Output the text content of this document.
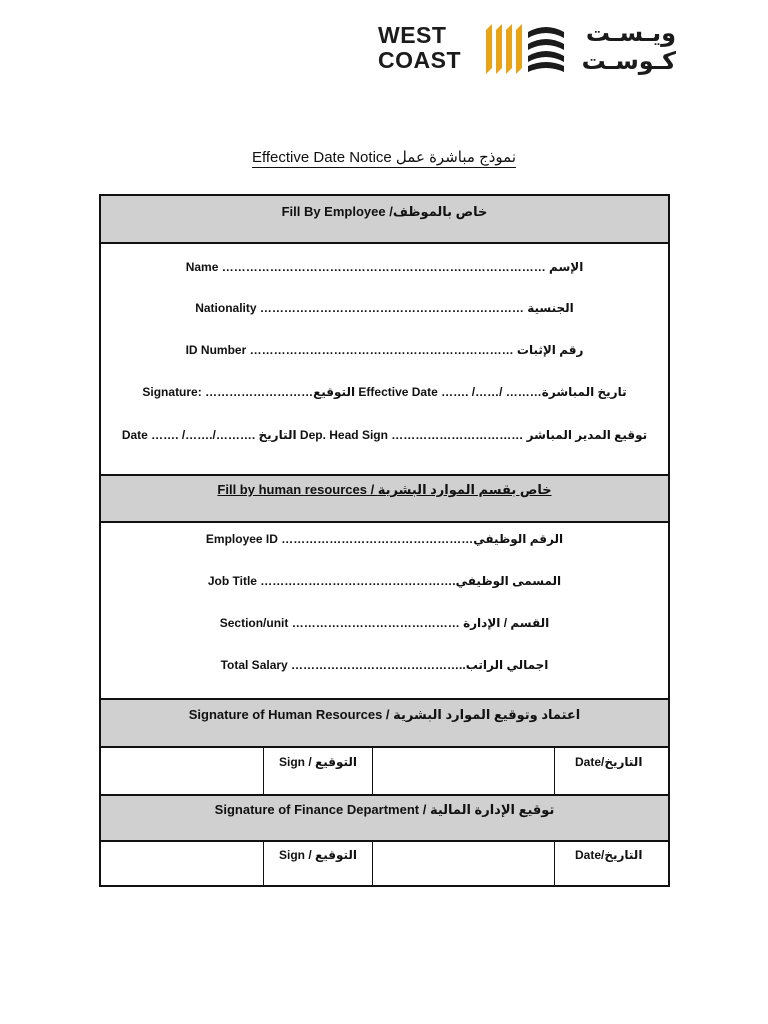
WEST
COAST
ويـسـت
كـوسـت
Effective Date Notice نموذج مباشرة عمل
Fill By Employee /خاص بالموظف
Name ……………………………………………………………………… الإسم
Nationality ………………………………………………………… الجنسية
ID Number ………………………………………………………… رقم الإثبات
Signature: ………………………التوقيع Effective Date ……. /……/ ………تاريخ المباشرة
Date ……. /……./………. التاريخ Dep. Head Sign …………………………… توقيع المدير المباشر
Fill by human resources / خاص بقسم الموارد البشرية
Employee ID …………………………………………الرقم الوظيفي
Job Title ………………………………………….المسمى الوظيفي
Section/unit …………………………………… القسم / الإدارة
Total Salary ……………………………………..اجمالي الراتب
Signature of Human Resources / اعتماد وتوقيع الموارد البشرية
Sign / التوقيع	Date/التاريخ
Signature of Finance Department / توقيع الإدارة المالية
Sign / التوقيع	Date/التاريخ
